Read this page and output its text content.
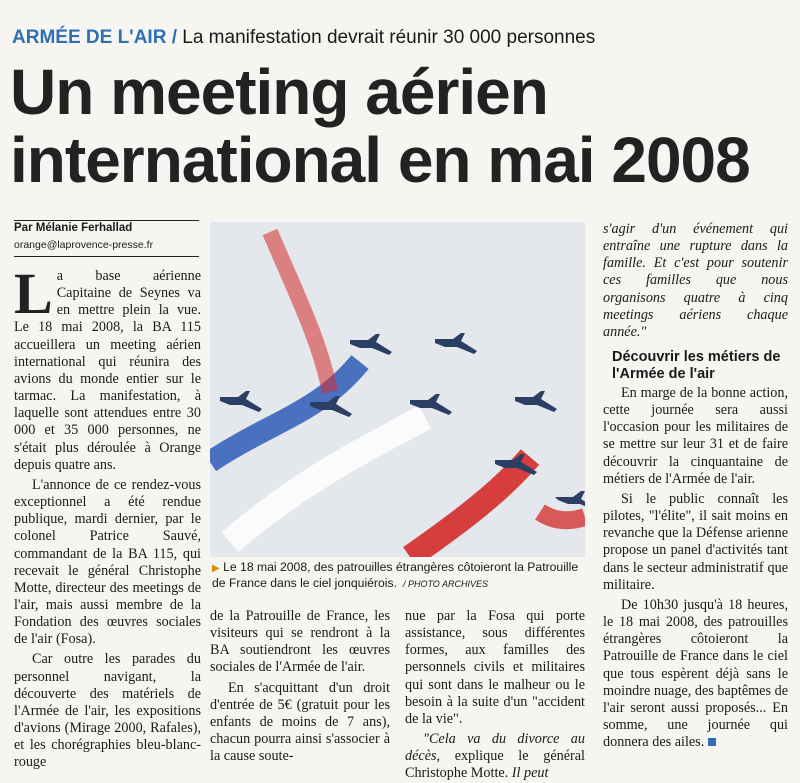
ARMÉE DE L'AIR / La manifestation devrait réunir 30 000 personnes
Un meeting aérien
international en mai 2008
Par Mélanie Ferhallad
orange@laprovence-presse.fr

La base aérienne Capitaine de Seynes va en mettre plein la vue. Le 18 mai 2008, la BA 115 accueillera un meeting aérien international qui réunira des avions du monde entier sur le tarmac. La manifestation, à laquelle sont attendues entre 30 000 et 35 000 personnes, ne s'était plus déroulée à Orange depuis quatre ans.

L'annonce de ce rendez-vous exceptionnel a été rendue publique, mardi dernier, par le colonel Patrice Sauvé, commandant de la BA 115, qui recevait le général Christophe Motte, directeur des meetings de l'air, mais aussi membre de la Fondation des œuvres sociales de l'air (Fosa).

Car outre les parades du personnel navigant, la découverte des matériels de l'Armée de l'air, les expositions d'avions (Mirage 2000, Rafales), et les chorégraphies bleu-blanc-rouge

▶ Le 18 mai 2008, des patrouilles étrangères côtoieront la Patrouille de France dans le ciel jonquiérois. / PHOTO ARCHIVES

de la Patrouille de France, les visiteurs qui se rendront à la BA soutiendront les œuvres sociales de l'Armée de l'air.

En s'acquittant d'un droit d'entrée de 5€ (gratuit pour les enfants de moins de 7 ans), chacun pourra ainsi s'associer à la cause soute-

nue par la Fosa qui porte assistance, sous différentes formes, aux familles des personnels civils et militaires qui sont dans le malheur ou le besoin à la suite d'un "accident de la vie".

"Cela va du divorce au décès, explique le général Christophe Motte. Il peut

s'agir d'un événement qui entraîne une rupture dans la famille. Et c'est pour soutenir ces familles que nous organisons quatre à cinq meetings aériens chaque année."

Découvrir les métiers de l'Armée de l'air

En marge de la bonne action, cette journée sera aussi l'occasion pour les militaires de se mettre sur leur 31 et de faire découvrir la cinquantaine de métiers de l'Armée de l'air.

Si le public connaît les pilotes, "l'élite", il sait moins en revanche que la Défense arienne propose un panel d'activités tant dans le secteur administratif que militaire.

De 10h30 jusqu'à 18 heures, le 18 mai 2008, des patrouilles étrangères côtoieront la Patrouille de France dans le ciel que tous espèrent déjà sans le moindre nuage, des baptêmes de l'air seront aussi proposés... En somme, une journée qui donnera des ailes.
